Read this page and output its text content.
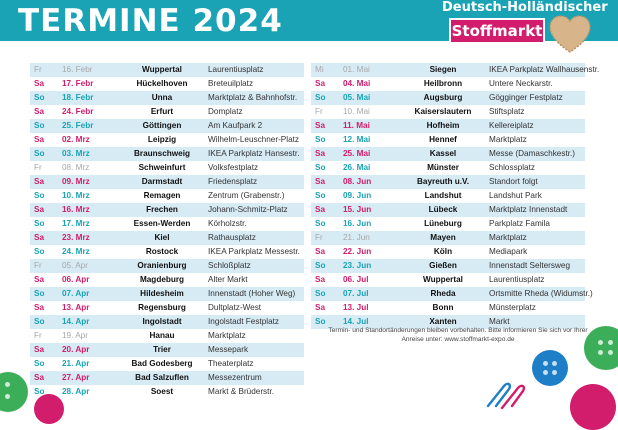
TERMINE 2024	Deutsch-Holländischer
Stoffmarkt
Fr 16. Febr	Wuppertal	Laurentiusplatz
Sa 17. Febr	Hückelhoven	Breteuilplatz
So 18. Febr	Unna	Marktplatz & Bahnhofstr.
Sa 24. Febr	Erfurt	Domplatz
So 25. Febr	Göttingen	Am Kaufpark 2
Sa 02. Mrz	Leipzig	Wilhelm-Leuschner-Platz
So 03. Mrz	Braunschweig	IKEA Parkplatz Hansestr.
Fr 08. Mrz	Schweinfurt	Volksfestplatz
Sa 09. Mrz	Darmstadt	Friedensplatz
So 10. Mrz	Remagen	Zentrum (Grabenstr.)
Sa 16. Mrz	Frechen	Johann-Schmitz-Platz
So 17. Mrz	Essen-Werden	Körholzstr.
Sa 23. Mrz	Kiel	Rathausplatz
So 24. Mrz	Rostock	IKEA Parkplatz Messestr.
Fr 05. Apr	Oranienburg	Schloßplatz
Sa 06. Apr	Magdeburg	Alter Markt
So 07. Apr	Hildesheim	Innenstadt (Hoher Weg)
Sa 13. Apr	Regensburg	Dultplatz-West
So 14. Apr	Ingolstadt	Ingolstadt Festplatz
Fr 19. Apr	Hanau	Marktplatz
Sa 20. Apr	Trier	Messepark
So 21. Apr	Bad Godesberg	Theaterplatz
Sa 27. Apr	Bad Salzuflen	Messezentrum
So 28. Apr	Soest	Markt & Brüderstr.
Mi 01. Mai	Siegen	IKEA Parkplatz Wallhausenstr.
Sa 04. Mai	Heilbronn	Untere Neckarstr.
So 05. Mai	Augsburg	Gögginger Festplatz
Fr 10. Mai	Kaiserslautern	Stiftsplatz
Sa 11. Mai	Hofheim	Kellereiplatz
So 12. Mai	Hennef	Marktplatz
Sa 25. Mai	Kassel	Messe (Damaschkestr.)
So 26. Mai	Münster	Schlossplatz
Sa 08. Jun	Bayreuth u.V.	Standort folgt
So 09. Jun	Landshut	Landshut Park
Sa 15. Jun	Lübeck	Marktplatz Innenstadt
So 16. Jun	Lüneburg	Parkplatz Famila
Fr 21. Jun	Mayen	Marktplatz
Sa 22. Jun	Köln	Mediapark
So 23. Jun	Gießen	Innenstadt Seltersweg
Sa 06. Jul	Wuppertal	Laurentiusplatz
So 07. Jul	Rheda	Ortsmitte Rheda (Widumstr.)
Sa 13. Jul	Bonn	Münsterplatz
So 14. Jul	Xanten	Markt
Termin- und Standortänderungen bleiben vorbehalten. Bitte informieren Sie sich vor Ihrer Anreise unter: www.stoffmarkt-expo.de
